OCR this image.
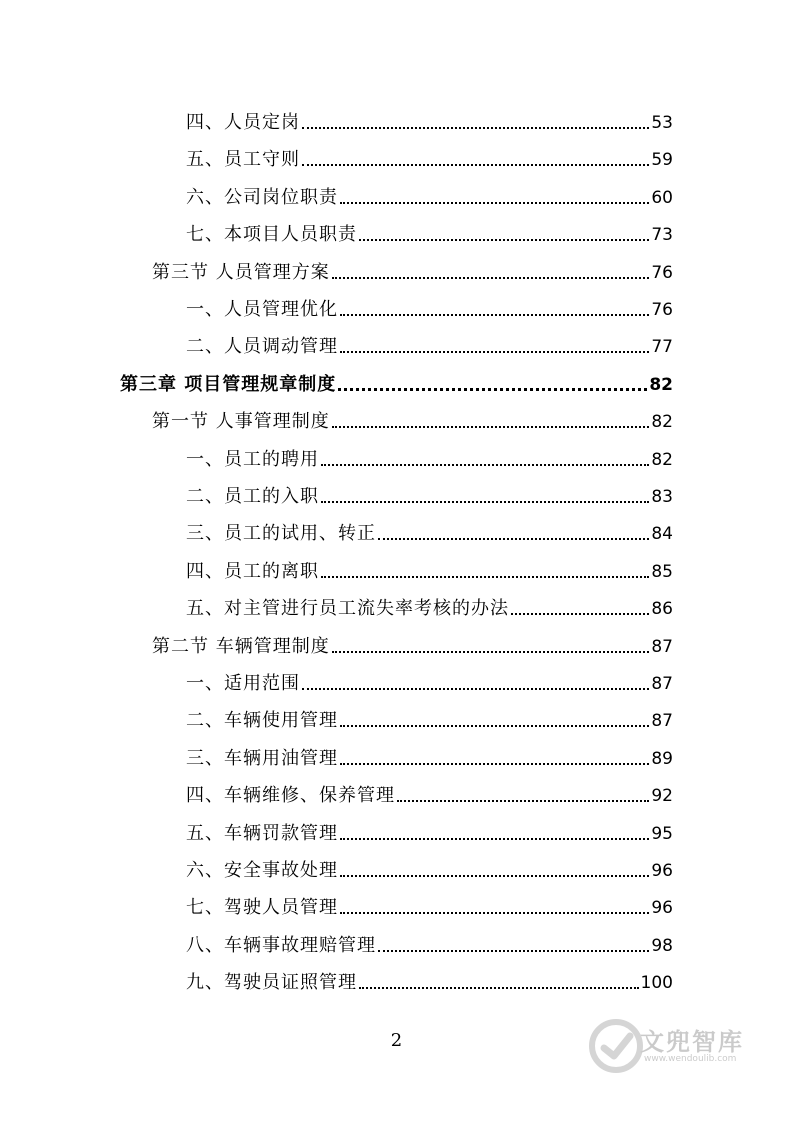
四、人员定岗	53
五、员工守则	59
六、公司岗位职责	60
七、本项目人员职责	73
第三节 人员管理方案	76
一、人员管理优化	76
二、人员调动管理	77
第三章 项目管理规章制度	82
第一节 人事管理制度	82
一、员工的聘用	82
二、员工的入职	83
三、员工的试用、转正	84
四、员工的离职	85
五、对主管进行员工流失率考核的办法	86
第二节 车辆管理制度	87
一、适用范围	87
二、车辆使用管理	87
三、车辆用油管理	89
四、车辆维修、保养管理	92
五、车辆罚款管理	95
六、安全事故处理	96
七、驾驶人员管理	96
八、车辆事故理赔管理	98
九、驾驶员证照管理	100
2	文兜智库
www.wendoulib.com
